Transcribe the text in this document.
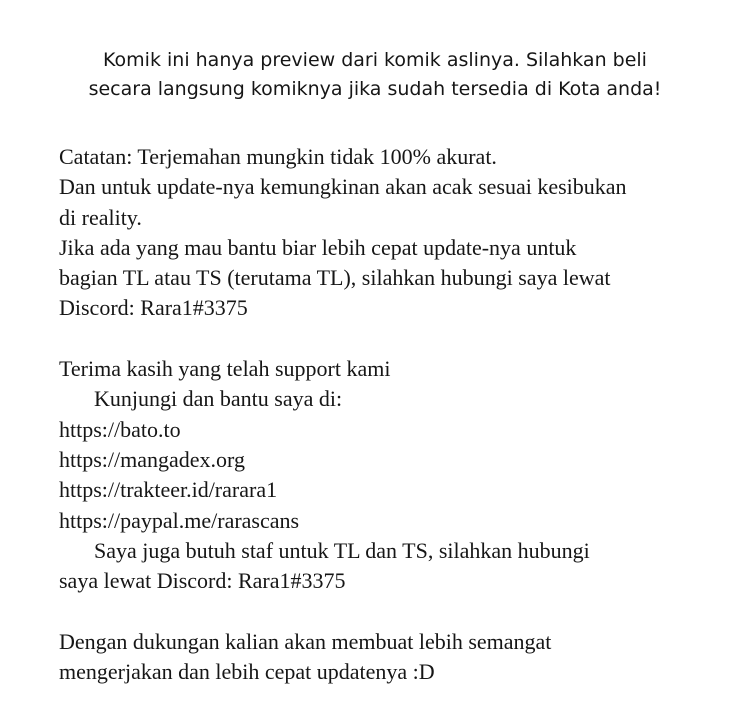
Komik ini hanya preview dari komik aslinya. Silahkan beli
secara langsung komiknya jika sudah tersedia di Kota anda!
Catatan: Terjemahan mungkin tidak 100% akurat.
Dan untuk update-nya kemungkinan akan acak sesuai kesibukan
di reality.
Jika ada yang mau bantu biar lebih cepat update-nya untuk
bagian TL atau TS (terutama TL), silahkan hubungi saya lewat
Discord: Rara1#3375
Terima kasih yang telah support kami
Kunjungi dan bantu saya di:
https://bato.to
https://mangadex.org
https://trakteer.id/rarara1
https://paypal.me/rarascans
Saya juga butuh staf untuk TL dan TS, silahkan hubungi
saya lewat Discord: Rara1#3375
Dengan dukungan kalian akan membuat lebih semangat
mengerjakan dan lebih cepat updatenya :D
